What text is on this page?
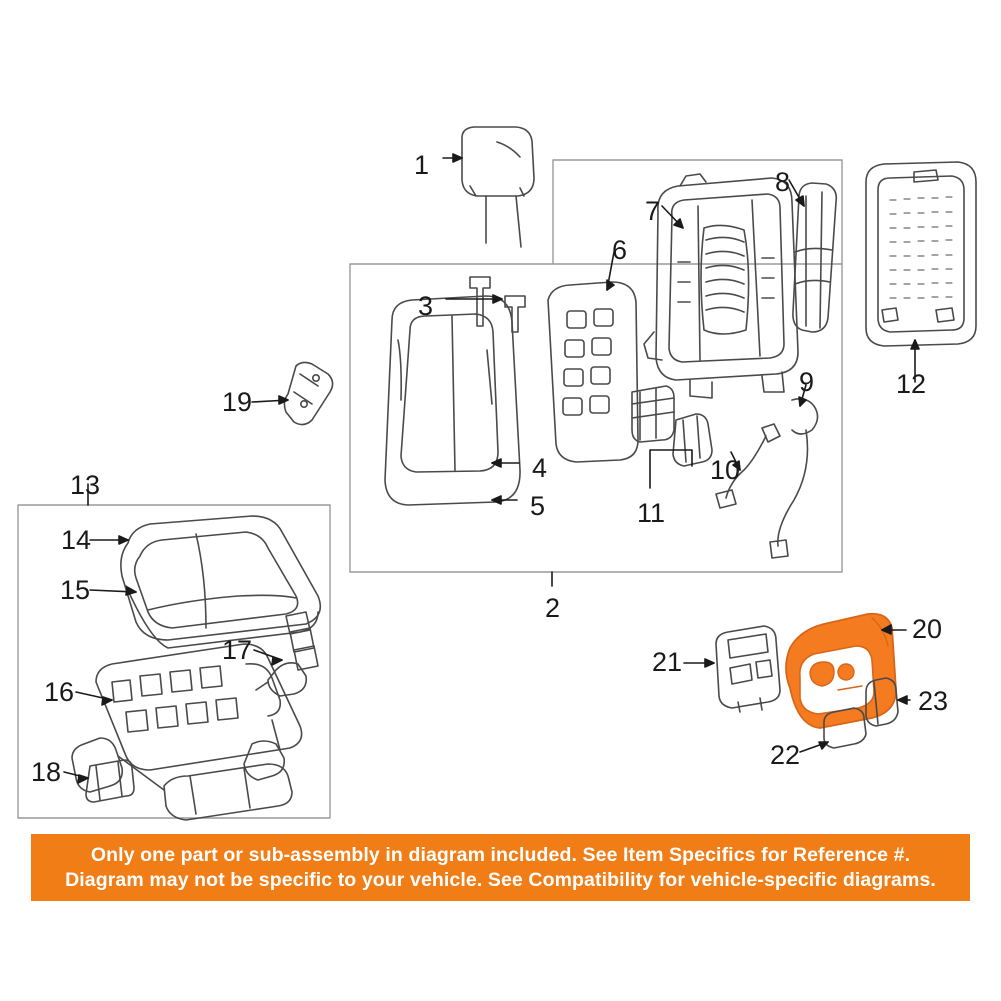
1
2
3
4
5
6
7
8
9
10
11
12
13
14
15
16
17
18
19
20
21
22
23
Only one part or sub-assembly in diagram included. See Item Specifics for Reference #.
Diagram may not be specific to your vehicle. See Compatibility for vehicle-specific diagrams.
